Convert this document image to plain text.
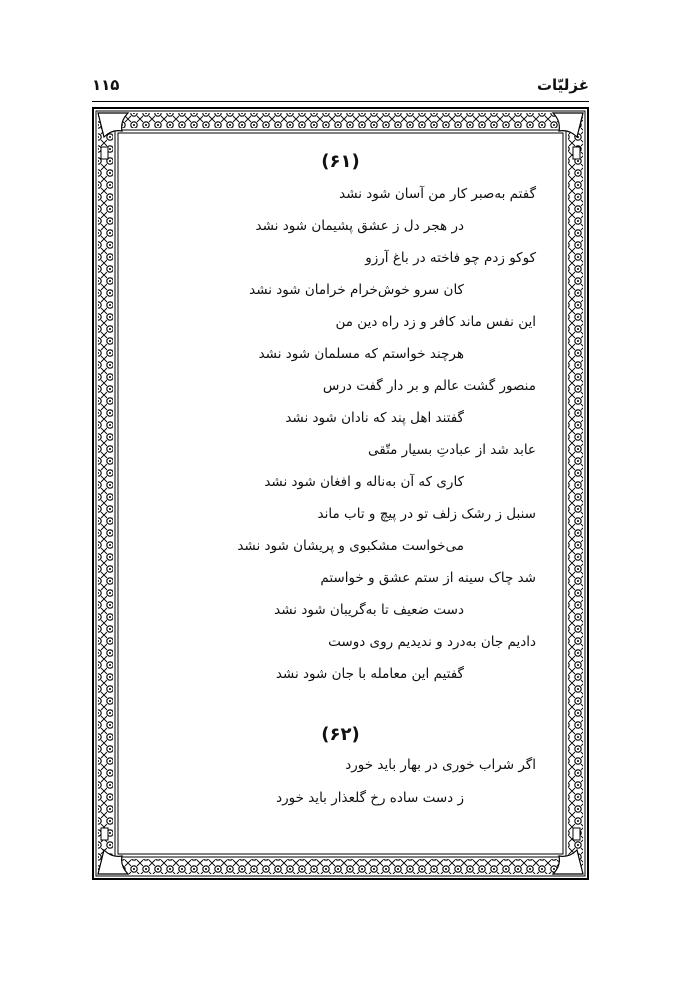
غزلیّات
۱۱۵
(۶۱)
گفتم به‌صبر کار من آسان شود نشد
در هجر دل ز عشق پشیمان شود نشد
کوکو زدم چو فاخته در باغ آرزو
کان سرو خوش‌خرام خرامان شود نشد
این نفس ماند کافر و زد راه دین من
هرچند خواستم که مسلمان شود نشد
منصور گشت عالم و بر دار گفت درس
گفتند اهل پند که نادان شود نشد
عابد شد از عبادتِ بسیار متّقی
کاری که آن به‌ناله و افغان شود نشد
سنبل ز رشک زلف تو در پیچ و تاب ماند
می‌خواست مشکبوی و پریشان شود نشد
شد چاک سینه از ستم عشق و خواستم
دست ضعیف تا به‌گریبان شود نشد
دادیم جان به‌درد و ندیدیم روی دوست
گفتیم این معامله با جان شود نشد
(۶۲)
اگر شراب خوری در بهار باید خورد
ز دست ساده رخ گلعذار باید خورد
